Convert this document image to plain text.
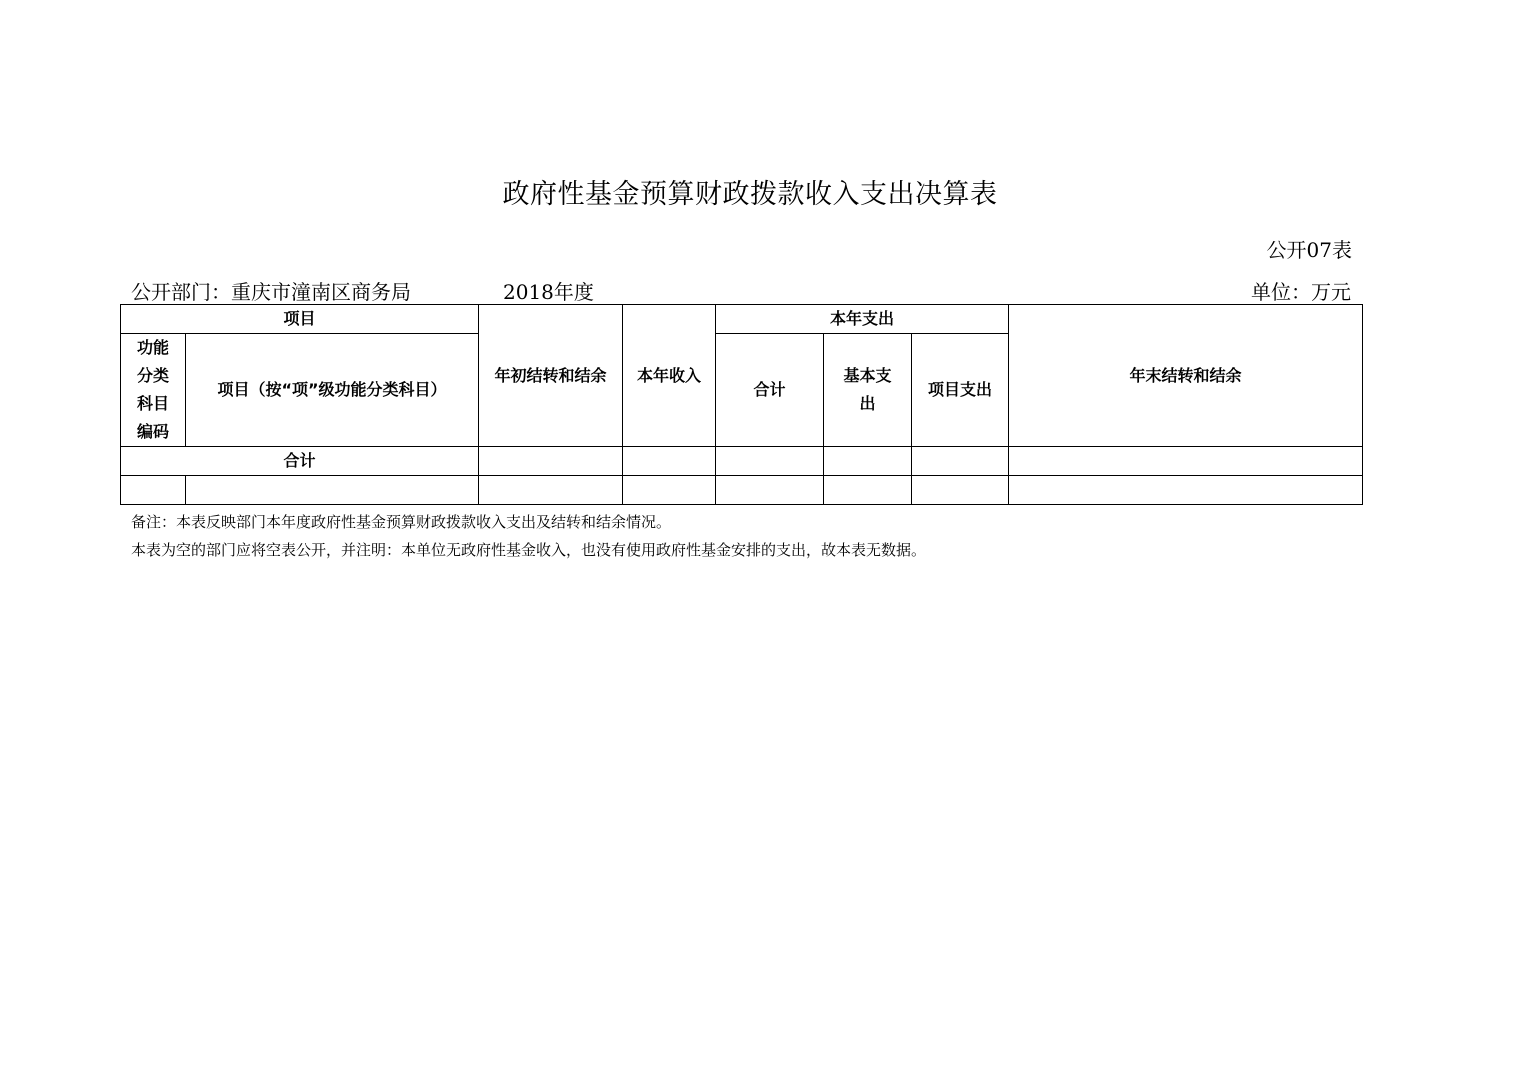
政府性基金预算财政拨款收入支出决算表
公开07表
公开部门：重庆市潼南区商务局	2018年度	单位：万元
项目		年初结转和结余	本年收入	本年支出			年末结转和结余

功能分类科目编码	项目（按“项”级功能分类科目）			合计	基本支出	项目支出	
合计							

备注：本表反映部门本年度政府性基金预算财政拨款收入支出及结转和结余情况。
本表为空的部门应将空表公开，并注明：本单位无政府性基金收入，也没有使用政府性基金安排的支出，故本表无数据。
